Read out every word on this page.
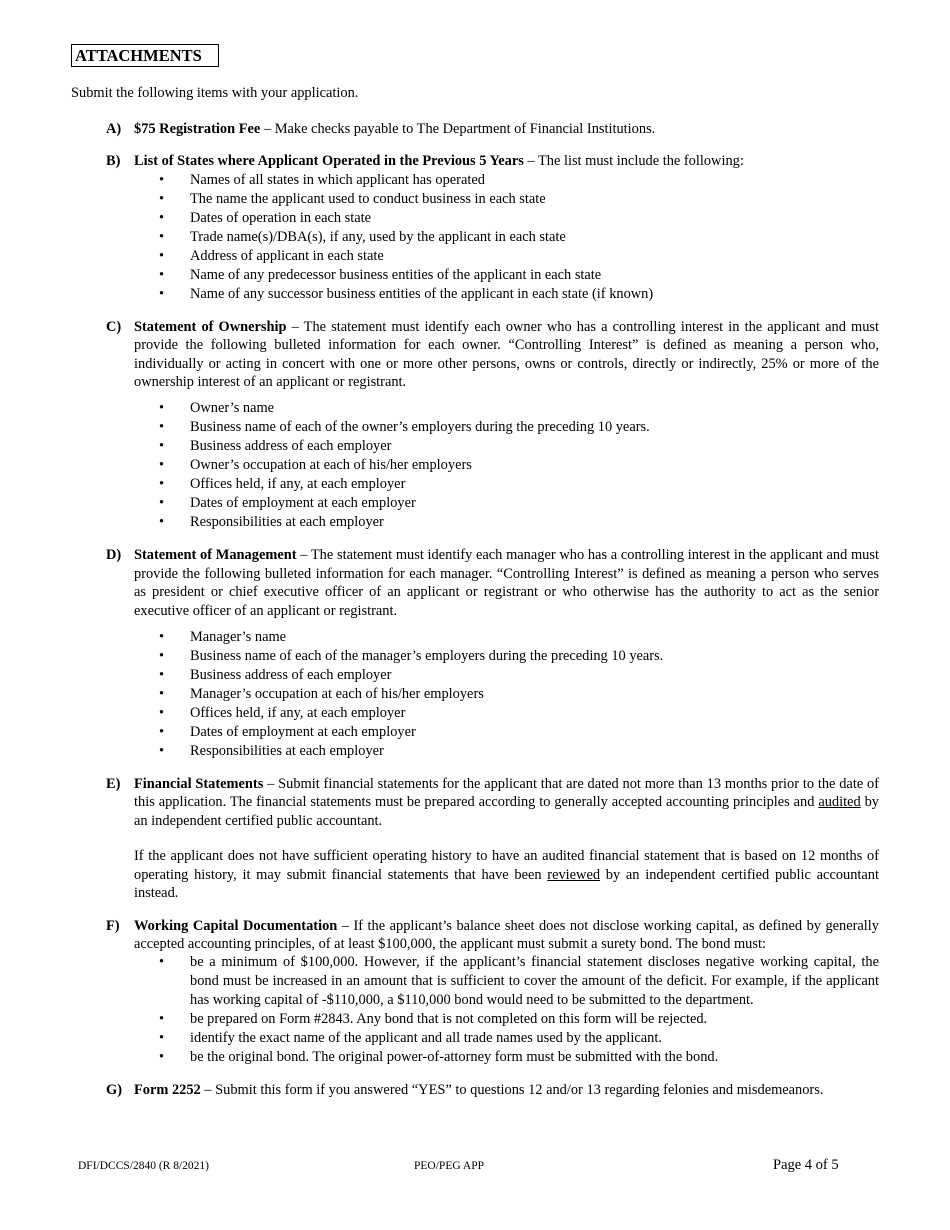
ATTACHMENTS
Submit the following items with your application.
A) $75 Registration Fee – Make checks payable to The Department of Financial Institutions.
B) List of States where Applicant Operated in the Previous 5 Years – The list must include the following:
• Names of all states in which applicant has operated
• The name the applicant used to conduct business in each state
• Dates of operation in each state
• Trade name(s)/DBA(s), if any, used by the applicant in each state
• Address of applicant in each state
• Name of any predecessor business entities of the applicant in each state
• Name of any successor business entities of the applicant in each state (if known)
C) Statement of Ownership – The statement must identify each owner who has a controlling interest in the applicant and must provide the following bulleted information for each owner. “Controlling Interest” is defined as meaning a person who, individually or acting in concert with one or more other persons, owns or controls, directly or indirectly, 25% or more of the ownership interest of an applicant or registrant.
• Owner’s name
• Business name of each of the owner’s employers during the preceding 10 years.
• Business address of each employer
• Owner’s occupation at each of his/her employers
• Offices held, if any, at each employer
• Dates of employment at each employer
• Responsibilities at each employer
D) Statement of Management – The statement must identify each manager who has a controlling interest in the applicant and must provide the following bulleted information for each manager. “Controlling Interest” is defined as meaning a person who serves as president or chief executive officer of an applicant or registrant or who otherwise has the authority to act as the senior executive officer of an applicant or registrant.
• Manager’s name
• Business name of each of the manager’s employers during the preceding 10 years.
• Business address of each employer
• Manager’s occupation at each of his/her employers
• Offices held, if any, at each employer
• Dates of employment at each employer
• Responsibilities at each employer
E) Financial Statements – Submit financial statements for the applicant that are dated not more than 13 months prior to the date of this application. The financial statements must be prepared according to generally accepted accounting principles and audited by an independent certified public accountant.
If the applicant does not have sufficient operating history to have an audited financial statement that is based on 12 months of operating history, it may submit financial statements that have been reviewed by an independent certified public accountant instead.
F) Working Capital Documentation – If the applicant’s balance sheet does not disclose working capital, as defined by generally accepted accounting principles, of at least $100,000, the applicant must submit a surety bond. The bond must:
• be a minimum of $100,000. However, if the applicant’s financial statement discloses negative working capital, the bond must be increased in an amount that is sufficient to cover the amount of the deficit. For example, if the applicant has working capital of -$110,000, a $110,000 bond would need to be submitted to the department.
• be prepared on Form #2843. Any bond that is not completed on this form will be rejected.
• identify the exact name of the applicant and all trade names used by the applicant.
• be the original bond. The original power-of-attorney form must be submitted with the bond.
G) Form 2252 – Submit this form if you answered “YES” to questions 12 and/or 13 regarding felonies and misdemeanors.
DFI/DCCS/2840 (R 8/2021)	PEO/PEG APP	Page 4 of 5
